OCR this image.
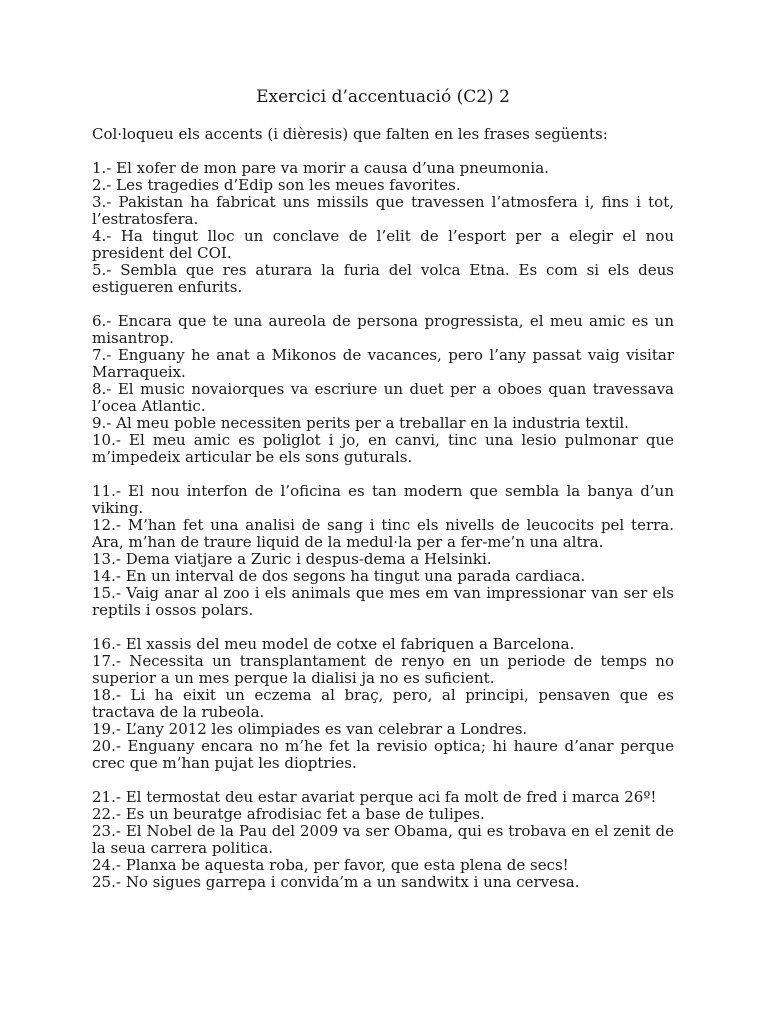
Exercici d’accentuació (C2) 2

Col·loqueu els accents (i dièresis) que falten en les frases següents:

1.- El xofer de mon pare va morir a causa d’una pneumonia.

2.- Les tragedies d’Edip son les meues favorites.

3.- Pakistan ha fabricat uns missils que travessen l’atmosfera i, fins i tot, l’estratosfera.

4.- Ha tingut lloc un conclave de l’elit de l’esport per a elegir el nou president del COI.

5.- Sembla que res aturara la furia del volca Etna. Es com si els deus estigueren enfurits.

6.- Encara que te una aureola de persona progressista, el meu amic es un misantrop.

7.- Enguany he anat a Mikonos de vacances, pero l’any passat vaig visitar Marraqueix.

8.- El music novaiorques va escriure un duet per a oboes quan travessava l’ocea Atlantic.

9.- Al meu poble necessiten perits per a treballar en la industria textil.

10.- El meu amic es poliglot i jo, en canvi, tinc una lesio pulmonar que m’impedeix articular be els sons guturals.

11.- El nou interfon de l’oficina es tan modern que sembla la banya d’un viking.

12.- M’han fet una analisi de sang i tinc els nivells de leucocits pel terra. Ara, m’han de traure liquid de la medul·la per a fer-me’n una altra.

13.- Dema viatjare a Zuric i despus-dema a Helsinki.

14.- En un interval de dos segons ha tingut una parada cardiaca.

15.- Vaig anar al zoo i els animals que mes em van impressionar van ser els reptils i ossos polars.

16.- El xassis del meu model de cotxe el fabriquen a Barcelona.

17.- Necessita un transplantament de renyo en un periode de temps no superior a un mes perque la dialisi ja no es suficient.

18.- Li ha eixit un eczema al braç, pero, al principi, pensaven que es tractava de la rubeola.

19.- L’any 2012 les olimpiades es van celebrar a Londres.

20.- Enguany encara no m’he fet la revisio optica; hi haure d’anar perque crec que m’han pujat les dioptries.

21.- El termostat deu estar avariat perque aci fa molt de fred i marca 26º!

22.- Es un beuratge afrodisiac fet a base de tulipes.

23.- El Nobel de la Pau del 2009 va ser Obama, qui es trobava en el zenit de la seua carrera politica.

24.- Planxa be aquesta roba, per favor, que esta plena de secs!

25.- No sigues garrepa i convida’m a un sandwitx i una cervesa.
